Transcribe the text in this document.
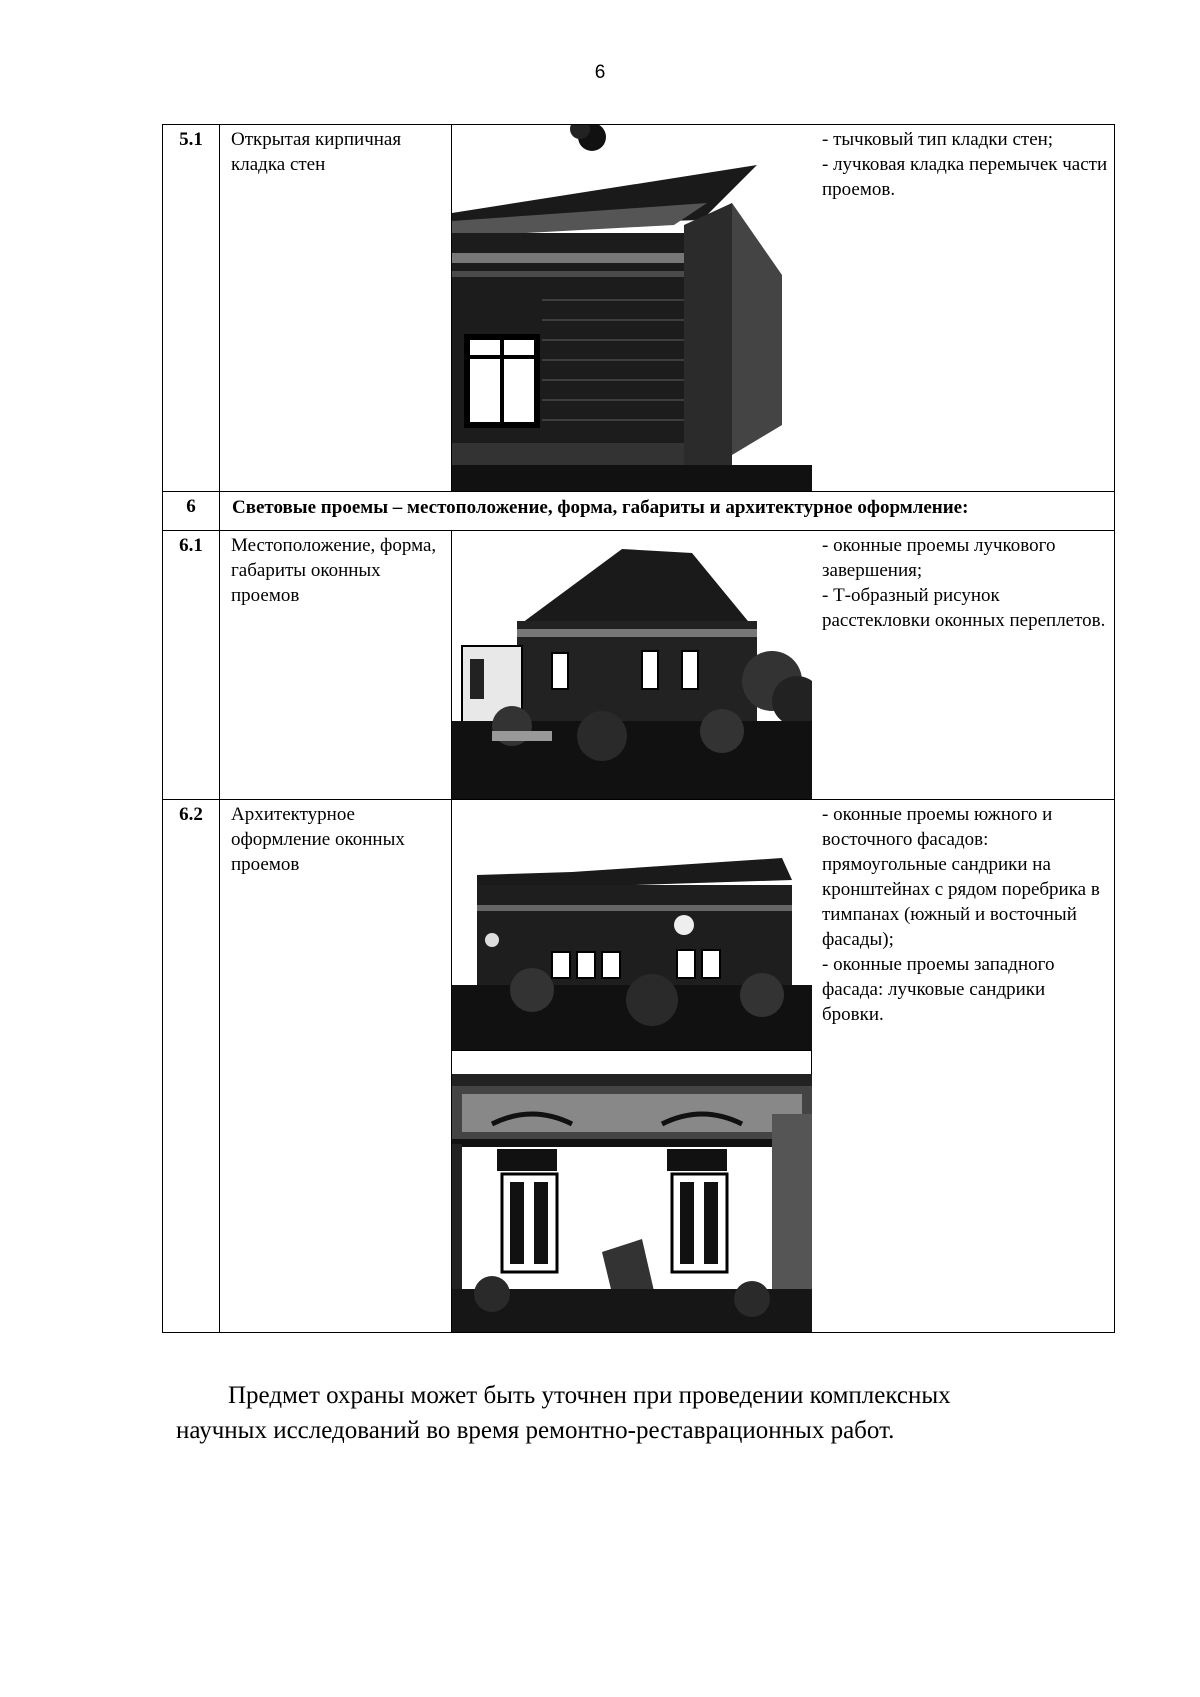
6
5.1	Открытая кирпичная кладка стен		- тычковый тип кладки стен;
- лучковая кладка перемычек части проемов.

6	Световые проемы – местоположение, форма, габариты и архитектурное оформление:		
6.1	Местоположение, форма, габариты оконных проемов		- оконные проемы лучкового завершения;
- Т-образный рисунок расстекловки оконных переплетов.

6.2	Архитектурное оформление оконных проемов		- оконные проемы южного и восточного фасадов: прямоугольные сандрики на кронштейнах с рядом поребрика в тимпанах (южный и восточный фасады);
- оконные проемы западного фасада: лучковые сандрики бровки.
Предмет охраны может быть уточнен при проведении комплексных
научных исследований во время ремонтно-реставрационных работ.
